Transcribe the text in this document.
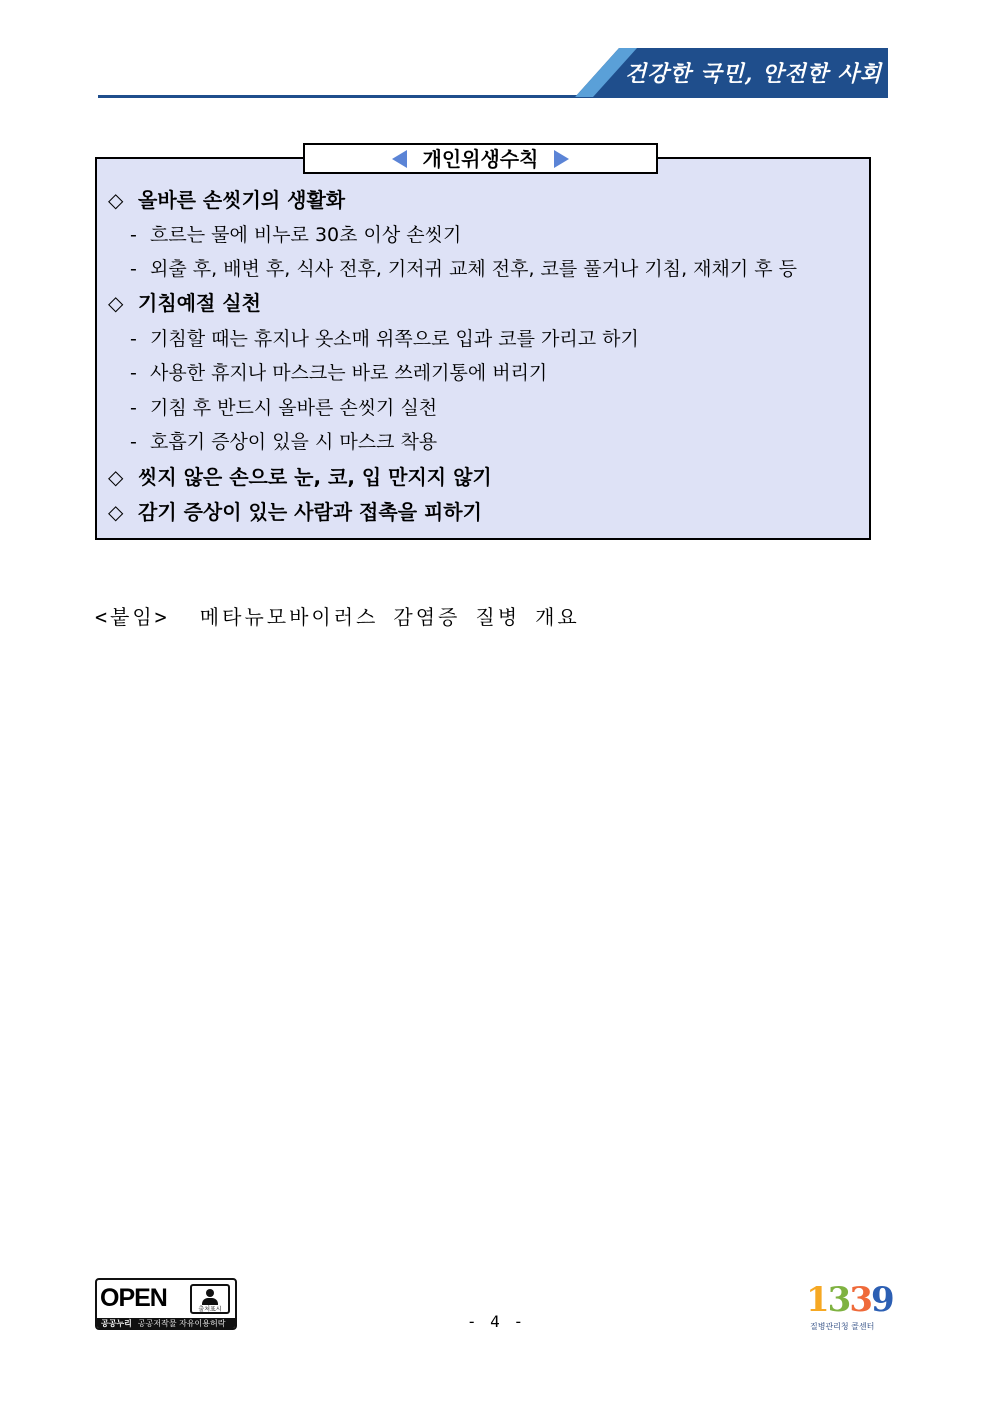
건강한 국민, 안전한 사회
개인위생수칙
◇ 올바른 손씻기의 생활화
- 흐르는 물에 비누로 30초 이상 손씻기
- 외출 후, 배변 후, 식사 전후, 기저귀 교체 전후, 코를 풀거나 기침, 재채기 후 등
◇ 기침예절 실천
- 기침할 때는 휴지나 옷소매 위쪽으로 입과 코를 가리고 하기
- 사용한 휴지나 마스크는 바로 쓰레기통에 버리기
- 기침 후 반드시 올바른 손씻기 실천
- 호흡기 증상이 있을 시 마스크 착용
◇ 씻지 않은 손으로 눈, 코, 입 만지지 않기
◇ 감기 증상이 있는 사람과 접촉을 피하기
<붙임>  메타뉴모바이러스 감염증 질병 개요
OPEN	출처표시
공공누리 공공저작물 자유이용허락	- 4 -
1339
질병관리청 콜센터
